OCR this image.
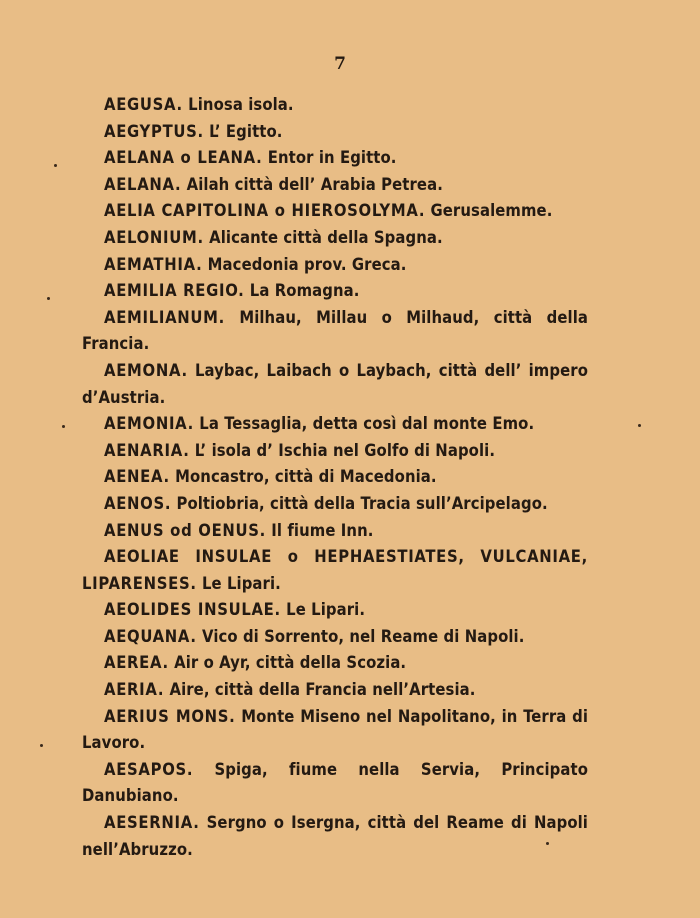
7

AEGUSA. Linosa isola.

AEGYPTUS. L’ Egitto.

AELANA o LEANA. Entor in Egitto.

AELANA. Ailah città dell’ Arabia Petrea.

AELIA CAPITOLINA o HIEROSOLYMA. Gerusalemme.

AELONIUM. Alicante città della Spagna.

AEMATHIA. Macedonia prov. Greca.

AEMILIA REGIO. La Romagna.

AEMILIANUM. Milhau, Millau o Milhaud, città della Francia.

AEMONA. Laybac, Laibach o Laybach, città dell’ impero d’Austria.

AEMONIA. La Tessaglia, detta così dal monte Emo.

AENARIA. L’ isola d’ Ischia nel Golfo di Napoli.

AENEA. Moncastro, città di Macedonia.

AENOS. Poltiobria, città della Tracia sull’Arcipelago.

AENUS od OENUS. Il fiume Inn.

AEOLIAE INSULAE o HEPHAESTIATES, VULCANIAE, LIPARENSES. Le Lipari.

AEOLIDES INSULAE. Le Lipari.

AEQUANA. Vico di Sorrento, nel Reame di Napoli.

AEREA. Air o Ayr, città della Scozia.

AERIA. Aire, città della Francia nell’Artesia.

AERIUS MONS. Monte Miseno nel Napolitano, in Terra di Lavoro.

AESAPOS. Spiga, fiume nella Servia, Principato Danubiano.

AESERNIA. Sergno o Isergna, città del Reame di Napoli nell’Abruzzo.
